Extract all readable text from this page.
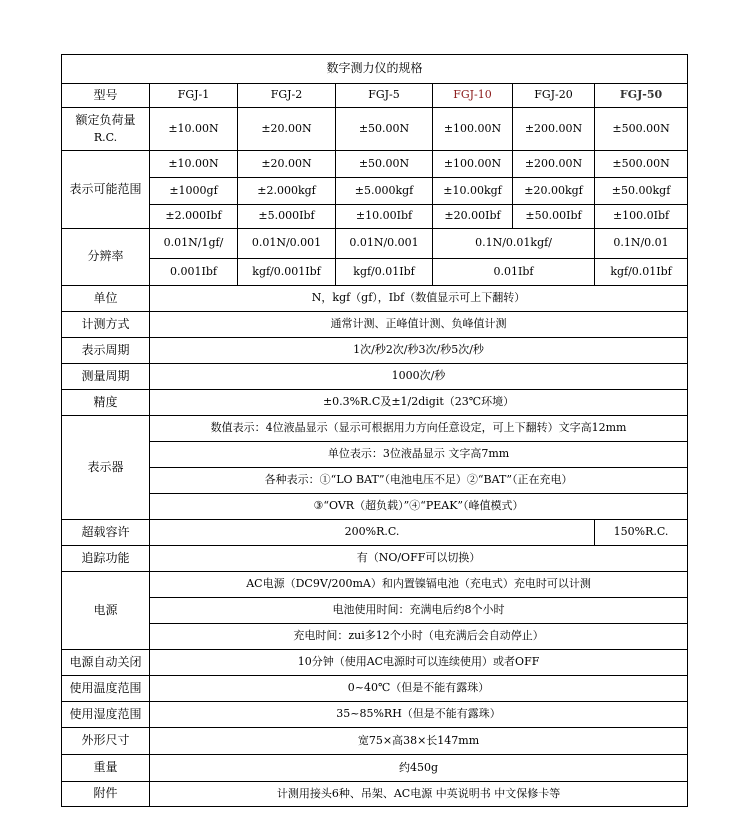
数字测力仪的规格						
型号	FGJ-1	FGJ-2	FGJ-5	FGJ-10	FGJ-20	FGJ-50

额定负荷量
R.C.	±10.00N	±20.00N	±50.00N	±100.00N	±200.00N	±500.00N
表示可能范围	±10.00N	±20.00N	±50.00N	±100.00N	±200.00N	±500.00N
	±1000gf	±2.000kgf	±5.000kgf	±10.00kgf	±20.00kgf	±50.00kgf
	±2.000Ibf	±5.000Ibf	±10.00Ibf	±20.00Ibf	±50.00Ibf	±100.0Ibf
分辨率	0.01N/1gf/	0.01N/0.001	0.01N/0.001	0.1N/0.01kgf/		0.1N/0.01
	0.001Ibf	kgf/0.001Ibf	kgf/0.01Ibf	0.01Ibf		kgf/0.01Ibf
单位	N，kgf（gf），Ibf（数值显示可上下翻转）					
计测方式	通常计测、正峰值计测、负峰值计测					
表示周期	1次/秒2次/秒3次/秒5次/秒					
测量周期	1000次/秒					
精度	±0.3%R.C及±1/2digit（23℃环境）					
表示器	数值表示：4位液晶显示（显示可根据用力方向任意设定，可上下翻转）文字高12mm					
	单位表示：3位液晶显示 文字高7mm					
	各种表示：①“LO BAT”（电池电压不足）②“BAT”（正在充电）					
	③“OVR（超负载）”④“PEAK”（峰值模式）					
超载容许	200%R.C.					150%R.C.
追踪功能	有（NO/OFF可以切换）					
电源	AC电源（DC9V/200mA）和内置镍镉电池（充电式）充电时可以计测					
	电池使用时间：充满电后约8个小时					
	充电时间：zui多12个小时（电充满后会自动停止）					
电源自动关闭	10分钟（使用AC电源时可以连续使用）或者OFF					
使用温度范围	0~40℃（但是不能有露珠）					
使用湿度范围	35~85%RH（但是不能有露珠）					
外形尺寸	宽75×高38×长147mm					
重量	约450g					
附件	计测用接头6种、吊架、AC电源 中英说明书 中文保修卡等					
